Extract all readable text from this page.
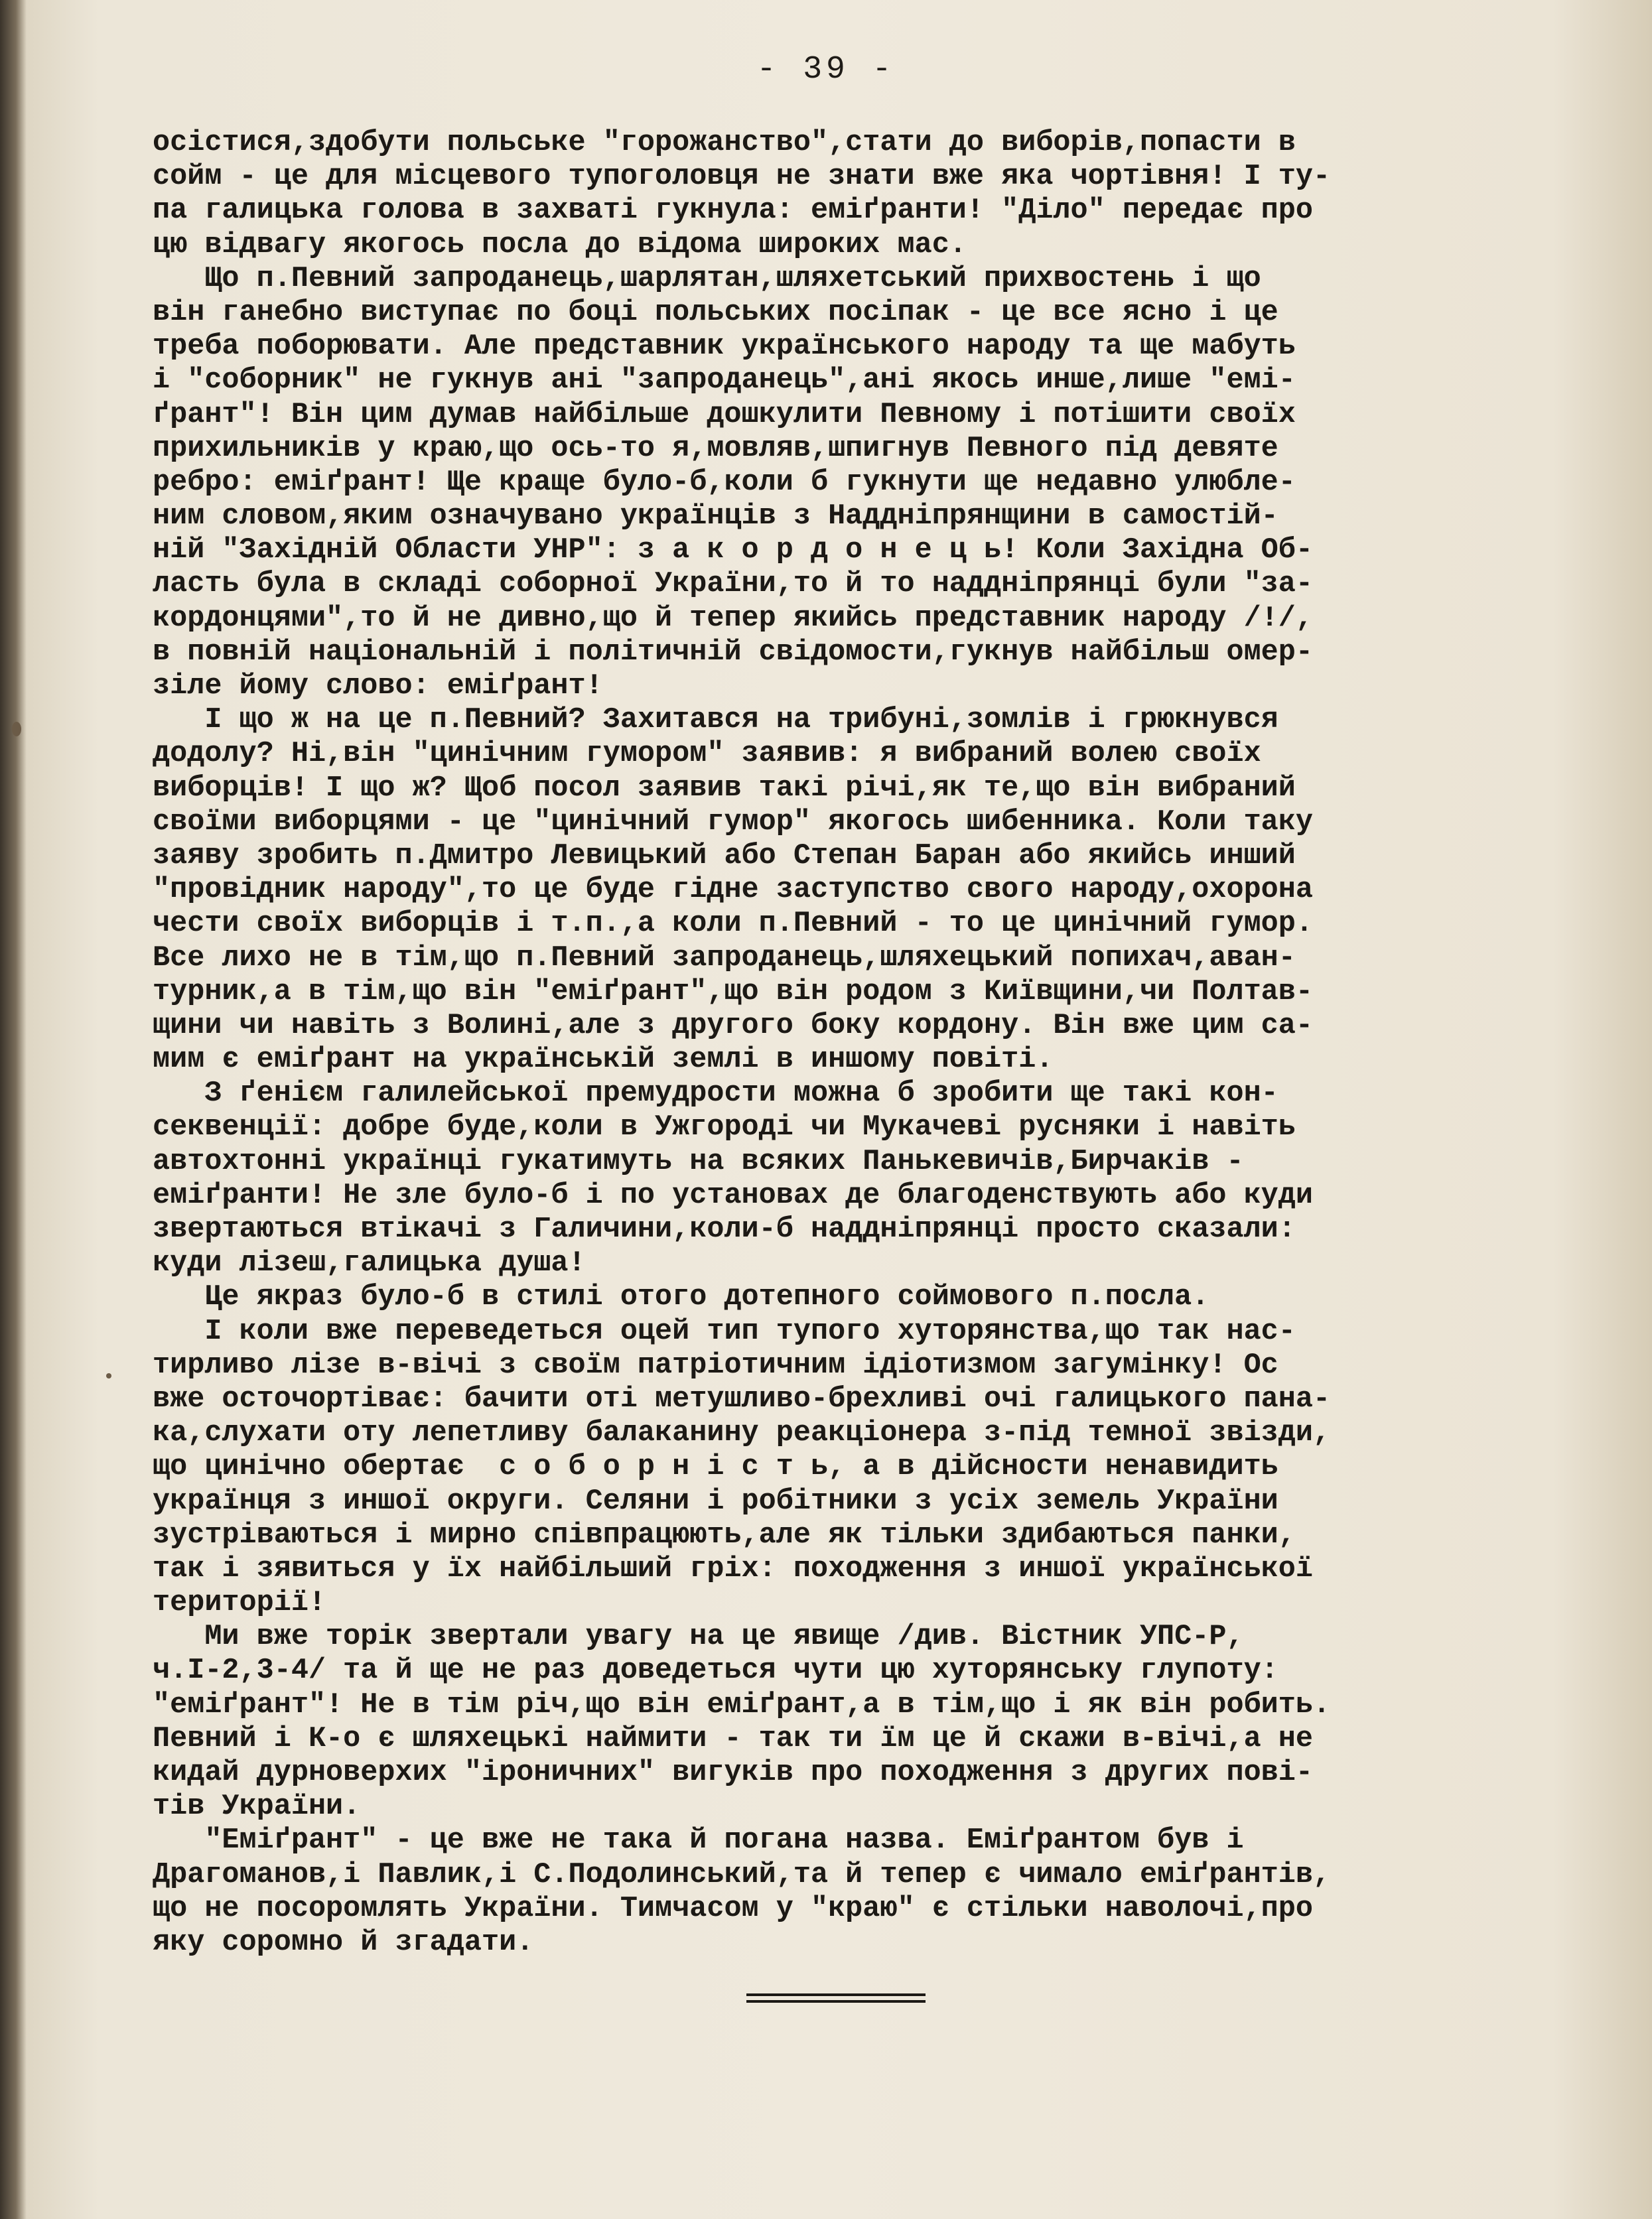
- 39 -
осістися,здобути польське "горожанство",стати до виборів,попасти в
сойм - це для місцевого тупоголовця не знати вже яка чортівня! І ту-
па галицька голова в захваті гукнула: еміґранти! "Діло" передає про
цю відвагу якогось посла до відома широких мас.
Що п.Певний запроданець,шарлятан,шляхетський прихвостень і що
він ганебно виступає по боці польських посіпак - це все ясно і це
треба поборювати. Але представник українського народу та ще мабуть
і "соборник" не гукнув ані "запроданець",ані якось инше,лише "емі-
ґрант"! Він цим думав найбільше дошкулити Певному і потішити своїх
прихильників у краю,що ось-то я,мовляв,шпигнув Певного під девяте
ребро: еміґрант! Ще краще було-б,коли б гукнути ще недавно улюбле-
ним словом,яким означувано українців з Наддніпрянщини в самостій-
ній "Західній Области УНР": з а к о р д о н е ц ь! Коли Західна Об-
ласть була в складі соборної України,то й то наддніпрянці були "за-
кордонцями",то й не дивно,що й тепер якийсь представник народу /!/,
в повній національній і політичній свідомости,гукнув найбільш омер-
зіле йому слово: еміґрант!
І що ж на це п.Певний? Захитався на трибуні,зомлів і грюкнувся
додолу? Ні,він "цинічним гумором" заявив: я вибраний волею своїх
виборців! І що ж? Щоб посол заявив такі річі,як те,що він вибраний
своїми виборцями - це "цинічний гумор" якогось шибенника. Коли таку
заяву зробить п.Дмитро Левицький або Степан Баран або якийсь инший
"провідник народу",то це буде гідне заступство свого народу,охорона
чести своїх виборців і т.п.,а коли п.Певний - то це цинічний гумор.
Все лихо не в тім,що п.Певний запроданець,шляхецький попихач,аван-
турник,а в тім,що він "еміґрант",що він родом з Київщини,чи Полтав-
щини чи навіть з Волині,але з другого боку кордону. Він вже цим са-
мим є еміґрант на українській землі в иншому повіті.
З ґенієм галилейської премудрости можна б зробити ще такі кон-
секвенції: добре буде,коли в Ужгороді чи Мукачеві русняки і навіть
автохтонні українці гукатимуть на всяких Панькевичів,Бирчаків -
еміґранти! Не зле було-б і по установах де благоденствують або куди
звертаються втікачі з Галичини,коли-б наддніпрянці просто сказали:
куди лізеш,галицька душа!
Це якраз було-б в стилі отого дотепного соймового п.посла.
І коли вже переведеться оцей тип тупого хуторянства,що так нас-
тирливо лізе в-вічі з своїм патріотичним ідіотизмом загумінку! Ос
вже осточортіває: бачити оті метушливо-брехливі очі галицького пана-
ка,слухати оту лепетливу балаканину реакціонера з-під темної звізди,
що цинічно обертає  с о б о р н і с т ь, а в дійсности ненавидить
українця з иншої округи. Селяни і робітники з усіх земель України
зустріваються і мирно співпрацюють,але як тільки здибаються панки,
так і зявиться у їх найбільший гріх: походження з иншої української
території!
Ми вже торік звертали увагу на це явище /див. Вістник УПС-Р,
ч.І-2,3-4/ та й ще не раз доведеться чути цю хуторянську глупоту:
"еміґрант"! Не в тім річ,що він еміґрант,а в тім,що і як він робить.
Певний і К-о є шляхецькі наймити - так ти їм це й скажи в-вічі,а не
кидай дурноверхих "іроничних" вигуків про походження з других пові-
тів України.
"Еміґрант" - це вже не така й погана назва. Еміґрантом був і
Драгоманов,і Павлик,і С.Подолинський,та й тепер є чимало еміґрантів,
що не посоромлять України. Тимчасом у "краю" є стільки наволочі,про
яку соромно й згадати.
